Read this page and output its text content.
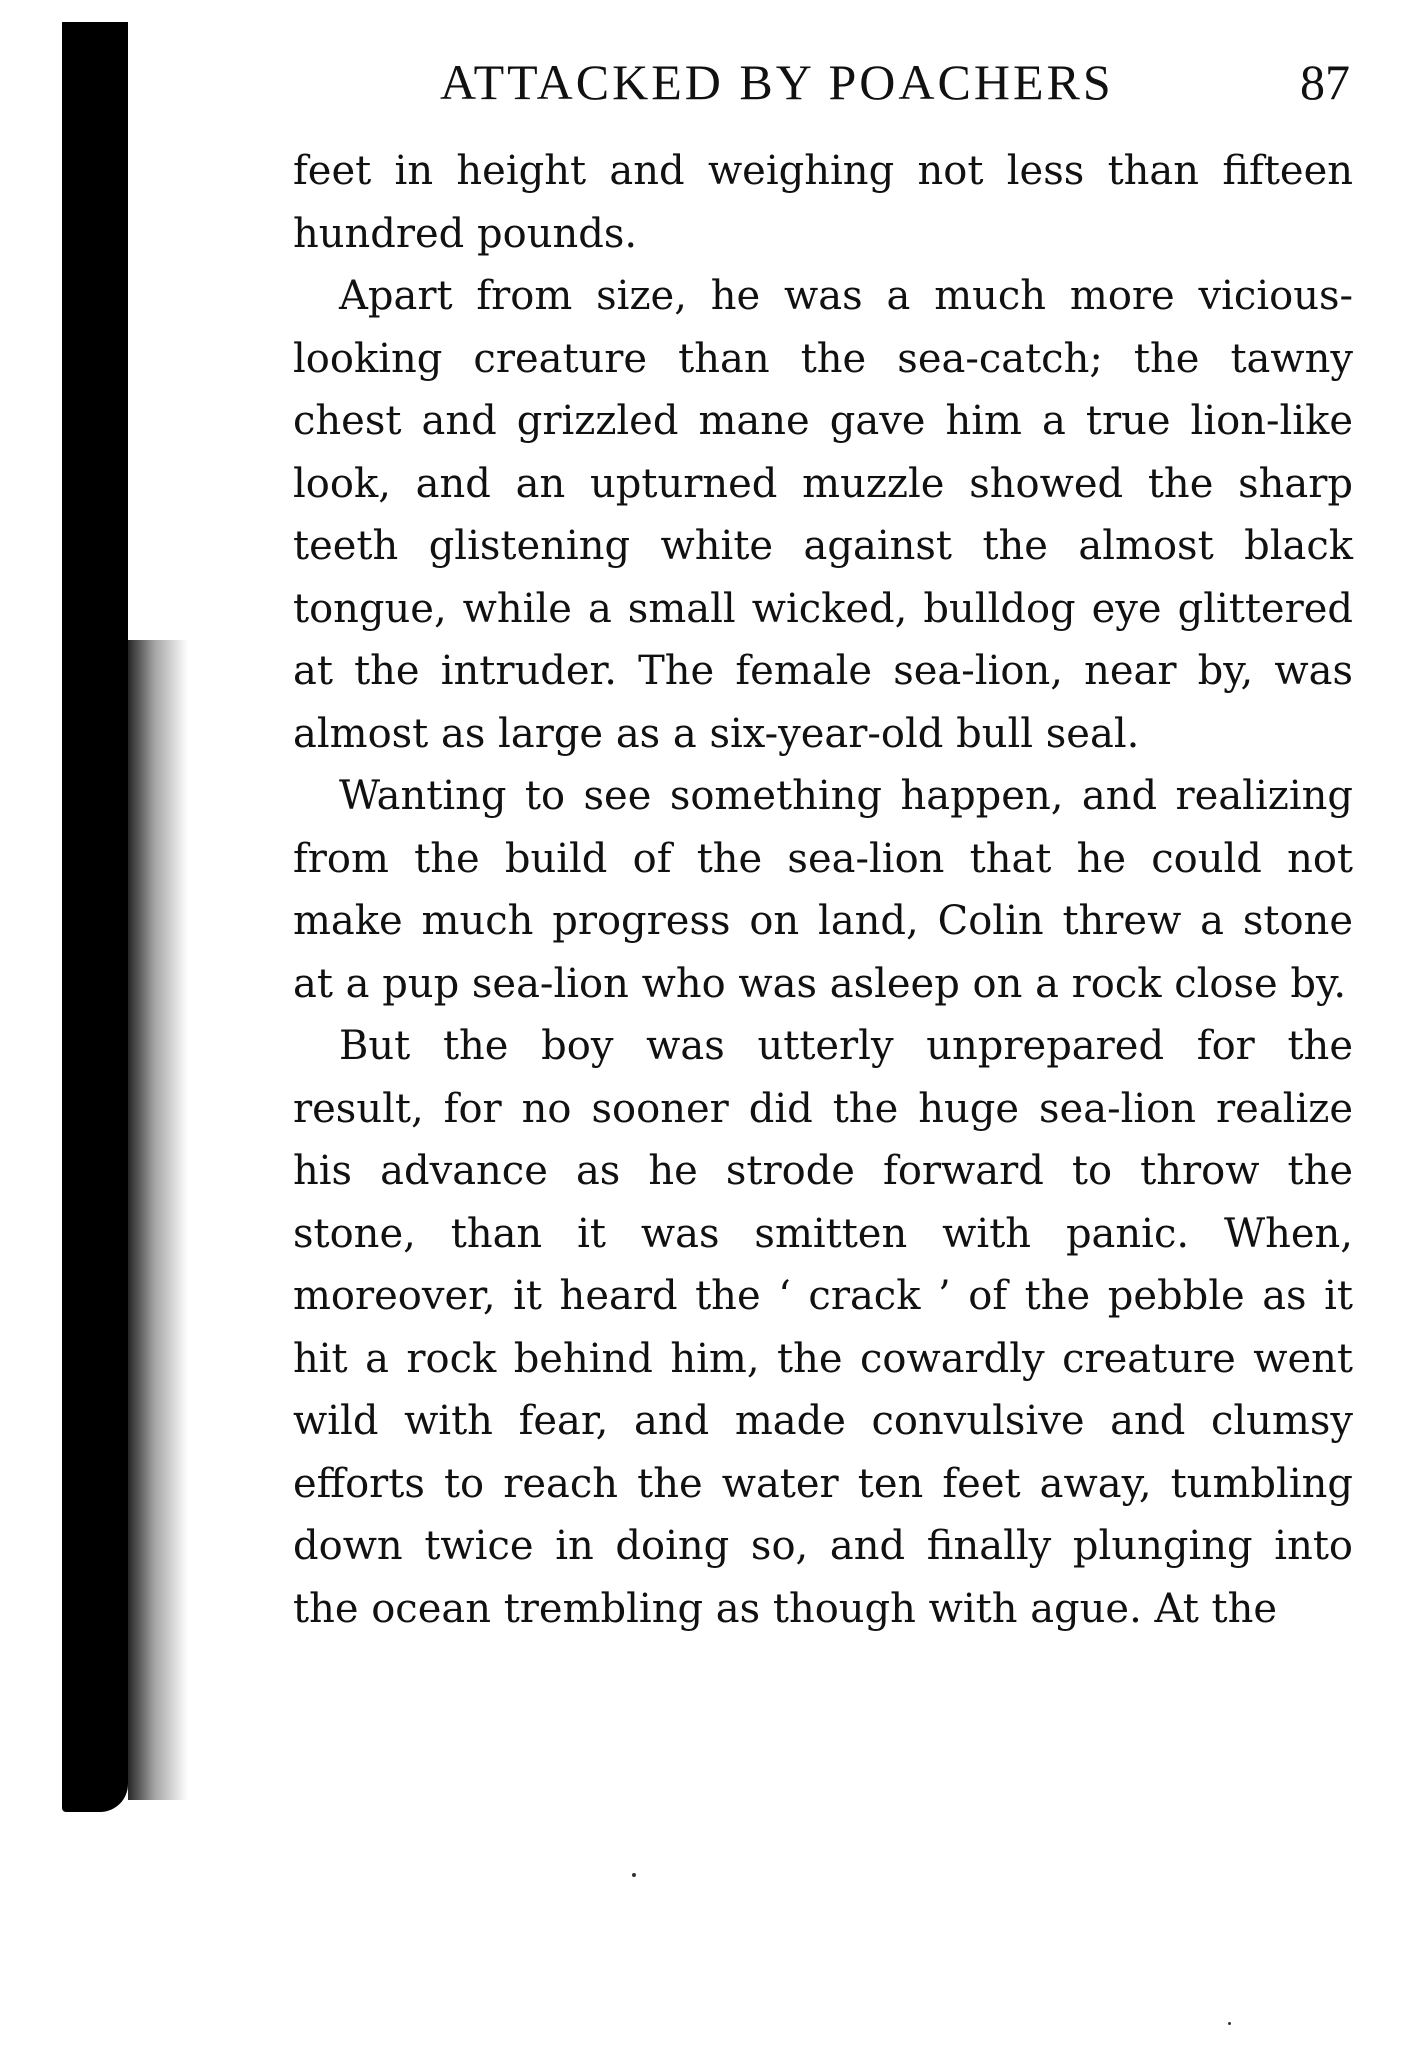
ATTACKED BY POACHERS	87

feet in height and weighing not less than fifteen hundred pounds.

Apart from size, he was a much more vicious-looking creature than the sea-catch; the tawny chest and grizzled mane gave him a true lion-like look, and an upturned muzzle showed the sharp teeth glistening white against the almost black tongue, while a small wicked, bulldog eye glittered at the intruder. The female sea-lion, near by, was almost as large as a six-year-old bull seal.

Wanting to see something happen, and realizing from the build of the sea-lion that he could not make much progress on land, Colin threw a stone at a pup sea-lion who was asleep on a rock close by.

But the boy was utterly unprepared for the result, for no sooner did the huge sea-lion realize his advance as he strode forward to throw the stone, than it was smitten with panic. When, moreover, it heard the ‘ crack ’ of the pebble as it hit a rock behind him, the cowardly creature went wild with fear, and made convulsive and clumsy efforts to reach the water ten feet away, tumbling down twice in doing so, and finally plunging into the ocean trembling as though with ague. At the
